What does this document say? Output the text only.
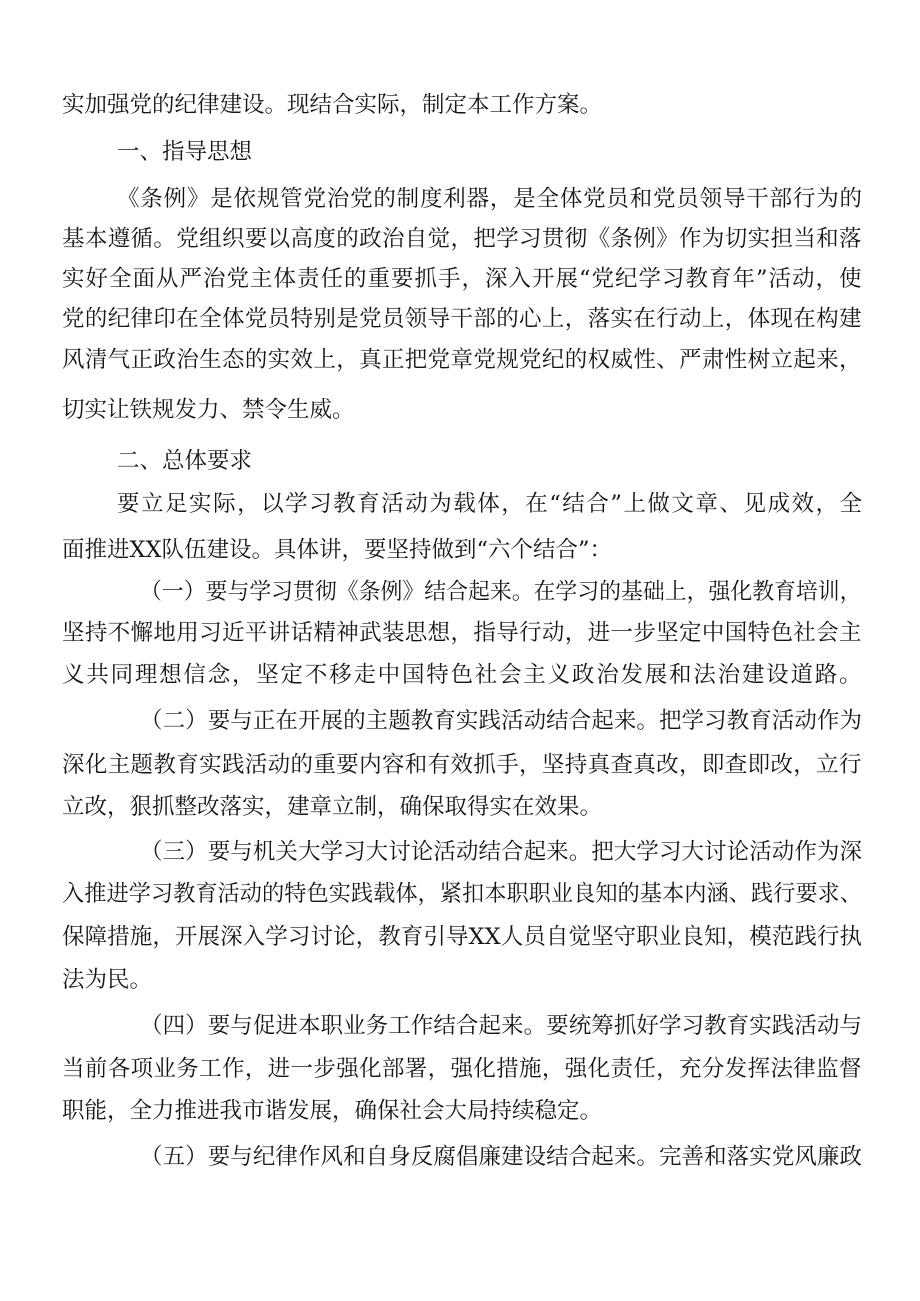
实加强党的纪律建设。现结合实际，制定本工作方案。
一、指导思想
《条例》是依规管党治党的制度利器，是全体党员和党员领导干部行为的
基本遵循。党组织要以高度的政治自觉，把学习贯彻《条例》作为切实担当和落
实好全面从严治党主体责任的重要抓手，深入开展“党纪学习教育年”活动，使
党的纪律印在全体党员特别是党员领导干部的心上，落实在行动上，体现在构建
风清气正政治生态的实效上，真正把党章党规党纪的权威性、严肃性树立起来，
切实让铁规发力、禁令生威。
二、总体要求
要立足实际，以学习教育活动为载体，在“结合”上做文章、见成效，全
面推进XX队伍建设。具体讲，要坚持做到“六个结合”：
（一）要与学习贯彻《条例》结合起来。在学习的基础上，强化教育培训，
坚持不懈地用习近平讲话精神武装思想，指导行动，进一步坚定中国特色社会主
义共同理想信念，坚定不移走中国特色社会主义政治发展和法治建设道路。
（二）要与正在开展的主题教育实践活动结合起来。把学习教育活动作为
深化主题教育实践活动的重要内容和有效抓手，坚持真查真改，即查即改，立行
立改，狠抓整改落实，建章立制，确保取得实在效果。
（三）要与机关大学习大讨论活动结合起来。把大学习大讨论活动作为深
入推进学习教育活动的特色实践载体，紧扣本职职业良知的基本内涵、践行要求、
保障措施，开展深入学习讨论，教育引导XX人员自觉坚守职业良知，模范践行执
法为民。
（四）要与促进本职业务工作结合起来。要统筹抓好学习教育实践活动与
当前各项业务工作，进一步强化部署，强化措施，强化责任，充分发挥法律监督
职能，全力推进我市谐发展，确保社会大局持续稳定。
（五）要与纪律作风和自身反腐倡廉建设结合起来。完善和落实党风廉政
